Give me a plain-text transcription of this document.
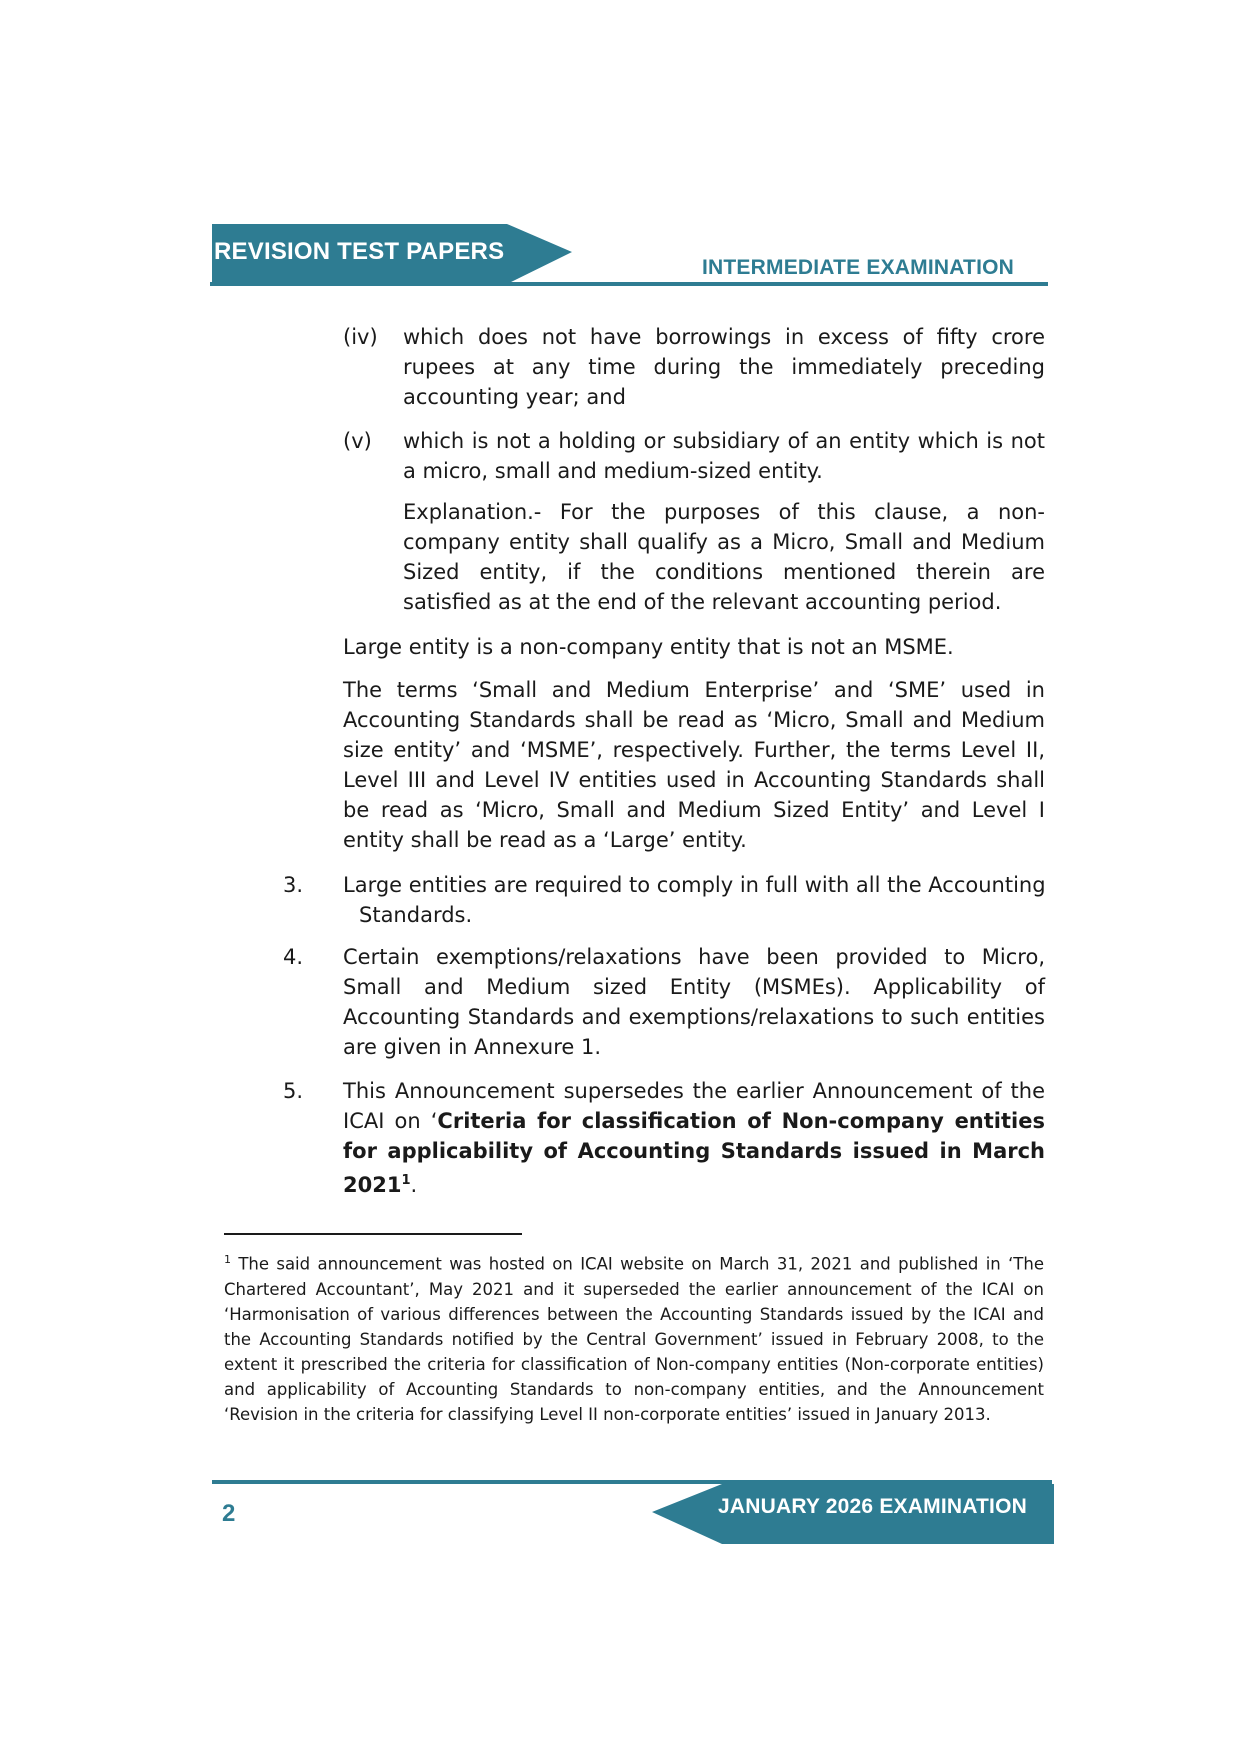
REVISION TEST PAPERS
INTERMEDIATE EXAMINATION
(iv) which does not have borrowings in excess of fifty crore rupees at any time during the immediately preceding accounting year; and
(v) which is not a holding or subsidiary of an entity which is not a micro, small and medium-sized entity.
Explanation.- For the purposes of this clause, a non-company entity shall qualify as a Micro, Small and Medium Sized entity, if the conditions mentioned therein are satisfied as at the end of the relevant accounting period.
Large entity is a non-company entity that is not an MSME.
The terms ‘Small and Medium Enterprise’ and ‘SME’ used in Accounting Standards shall be read as ‘Micro, Small and Medium size entity’ and ‘MSME’, respectively. Further, the terms Level II, Level III and Level IV entities used in Accounting Standards shall be read as ‘Micro, Small and Medium Sized Entity’ and Level I entity shall be read as a ‘Large’ entity.
3. Large entities are required to comply in full with all the Accounting
Standards.
4. Certain exemptions/relaxations have been provided to Micro, Small and Medium sized Entity (MSMEs). Applicability of Accounting Standards and exemptions/relaxations to such entities are given in Annexure 1.
5. This Announcement supersedes the earlier Announcement of the ICAI on ‘Criteria for classification of Non-company entities for applicability of Accounting Standards issued in March 2021$^1$.
$^1$ The said announcement was hosted on ICAI website on March 31, 2021 and published in ‘The Chartered Accountant’, May 2021 and it superseded the earlier announcement of the ICAI on ‘Harmonisation of various differences between the Accounting Standards issued by the ICAI and the Accounting Standards notified by the Central Government’ issued in February 2008, to the extent it prescribed the criteria for classification of Non-company entities (Non-corporate entities) and applicability of Accounting Standards to non-company entities, and the Announcement ‘Revision in the criteria for classifying Level II non-corporate entities’ issued in January 2013.
2	JANUARY 2026 EXAMINATION
